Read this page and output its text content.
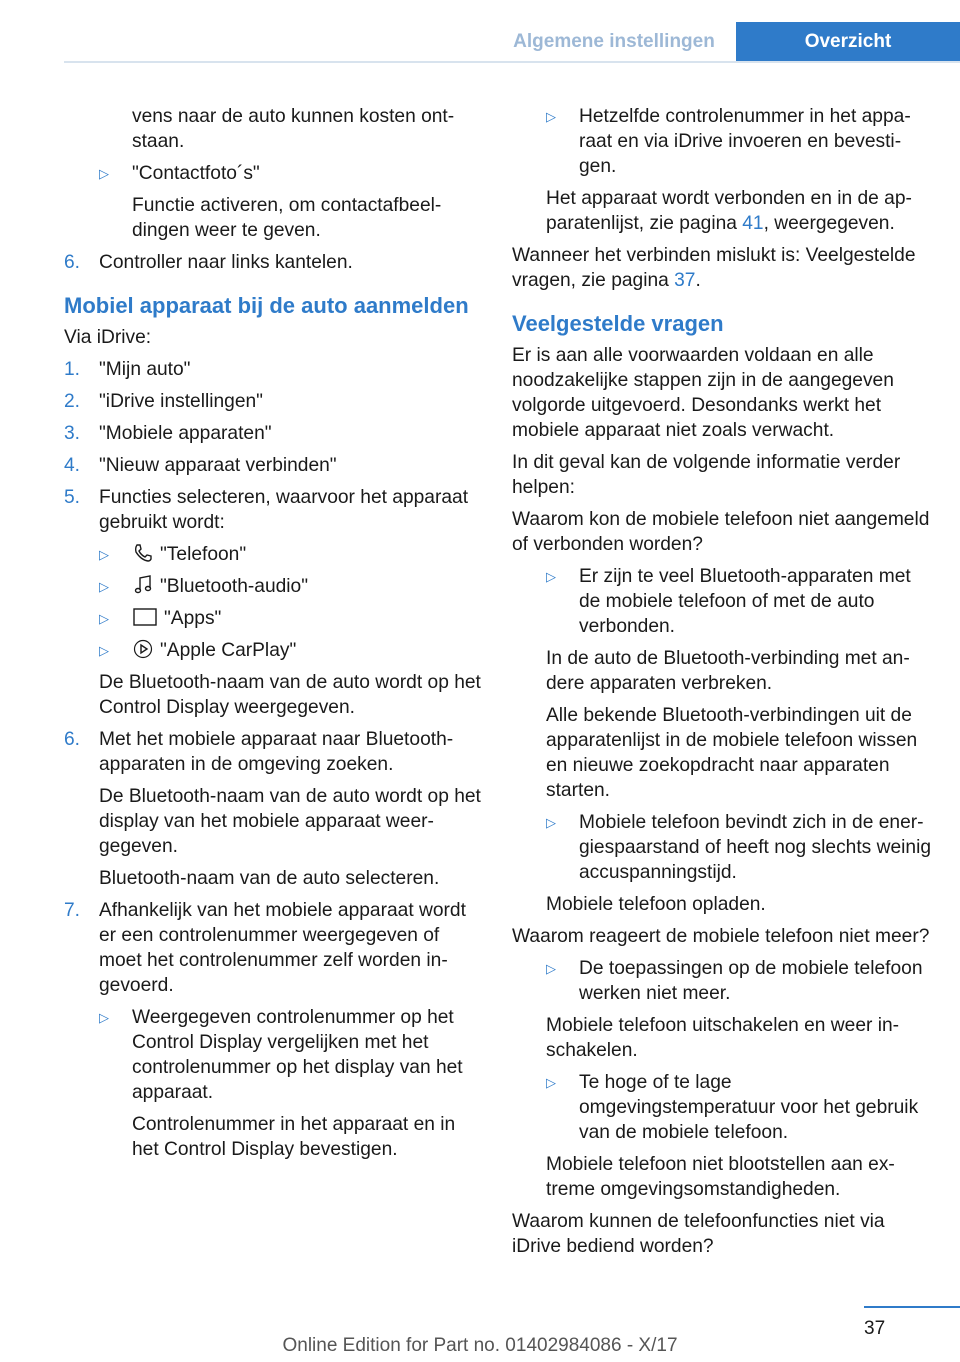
Algemene instellingen	Overzicht
vens naar de auto kunnen kosten ontstaan.
▷	"Contactfoto´s"
Functie activeren, om contactafbeeldingen weer te geven.
6. Controller naar links kantelen.
Mobiel apparaat bij de auto aanmelden
Via iDrive:
1. "Mijn auto"
2. "iDrive instellingen"
3. "Mobiele apparaten"
4. "Nieuw apparaat verbinden"
5. Functies selecteren, waarvoor het apparaat gebruikt wordt:
▷	"Telefoon"
▷	"Bluetooth-audio"
▷	"Apps"
▷	"Apple CarPlay"
De Bluetooth-naam van de auto wordt op het Control Display weergegeven.
6. Met het mobiele apparaat naar Bluetooth-apparaten in de omgeving zoeken.
De Bluetooth-naam van de auto wordt op het display van het mobiele apparaat weergegeven.
Bluetooth-naam van de auto selecteren.
7. Afhankelijk van het mobiele apparaat wordt er een controlenummer weergegeven of moet het controlenummer zelf worden ingevoerd.
▷	Weergegeven controlenummer op het Control Display vergelijken met het controlenummer op het display van het apparaat.
Controlenummer in het apparaat en in het Control Display bevestigen.
▷	Hetzelfde controlenummer in het apparaat en via iDrive invoeren en bevestigen.
Het apparaat wordt verbonden en in de apparatenlijst, zie pagina 41, weergegeven.
Wanneer het verbinden mislukt is: Veelgestelde vragen, zie pagina 37.
Veelgestelde vragen
Er is aan alle voorwaarden voldaan en alle noodzakelijke stappen zijn in de aangegeven volgorde uitgevoerd. Desondanks werkt het mobiele apparaat niet zoals verwacht.
In dit geval kan de volgende informatie verder helpen:
Waarom kon de mobiele telefoon niet aangemeld of verbonden worden?
▷	Er zijn te veel Bluetooth-apparaten met de mobiele telefoon of met de auto verbonden.
In de auto de Bluetooth-verbinding met andere apparaten verbreken.
Alle bekende Bluetooth-verbindingen uit de apparatenlijst in de mobiele telefoon wissen en nieuwe zoekopdracht naar apparaten starten.
▷	Mobiele telefoon bevindt zich in de energiespaarstand of heeft nog slechts weinig accuspanningstijd.
Mobiele telefoon opladen.
Waarom reageert de mobiele telefoon niet meer?
▷	De toepassingen op de mobiele telefoon werken niet meer.
Mobiele telefoon uitschakelen en weer inschakelen.
▷	Te hoge of te lage omgevingstemperatuur voor het gebruik van de mobiele telefoon.
Mobiele telefoon niet blootstellen aan extreme omgevingsomstandigheden.
Waarom kunnen de telefoonfuncties niet via iDrive bediend worden?
37
Online Edition for Part no. 01402984086 - X/17
